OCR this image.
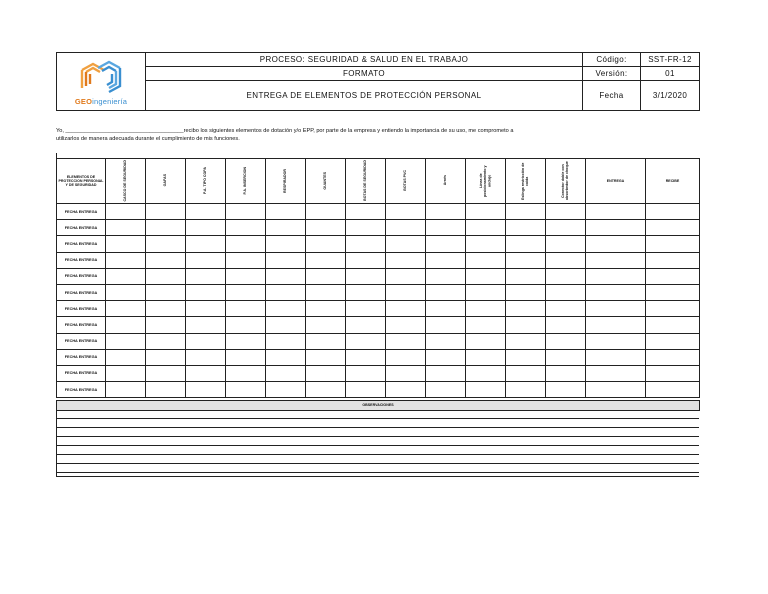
GEOingeniería	PROCESO: SEGURIDAD & SALUD EN EL TRABAJO	Código:	SST-FR-12
	FORMATO	Versión:	01
	ENTREGA DE ELEMENTOS DE PROTECCIÓN PERSONAL	Fecha	3/1/2020
Yo, ______________________________________recibo los siguientes elementos de dotación y/o EPP, por parte de la empresa y entiendo la importancia de su uso, me comprometo a
utilizarlos de manera adecuada durante el cumplimiento de mis funciones.
ELEMENTOS DE PROTECCION PERSONAL Y DE SEGURIDAD	CASCO DE SEGURIDAD	GAFAS	P.A. TIPO COPA	P.A. INSERCION	RESPIRADOR	GUANTES	BOTAS DE SEGURIDAD	BOTAS PVC	Arnés	Línea de posicionamiento y anclaje	Eslinga restricción de caída	Conector doble con absorbedor de choque	ENTREGA	RECIBE
FECHA ENTREGA														
FECHA ENTREGA														
FECHA ENTREGA														
FECHA ENTREGA														
FECHA ENTREGA														
FECHA ENTREGA														
FECHA ENTREGA														
FECHA ENTREGA														
FECHA ENTREGA														
FECHA ENTREGA														
FECHA ENTREGA														
FECHA ENTREGA														
OBSERVACIONES
